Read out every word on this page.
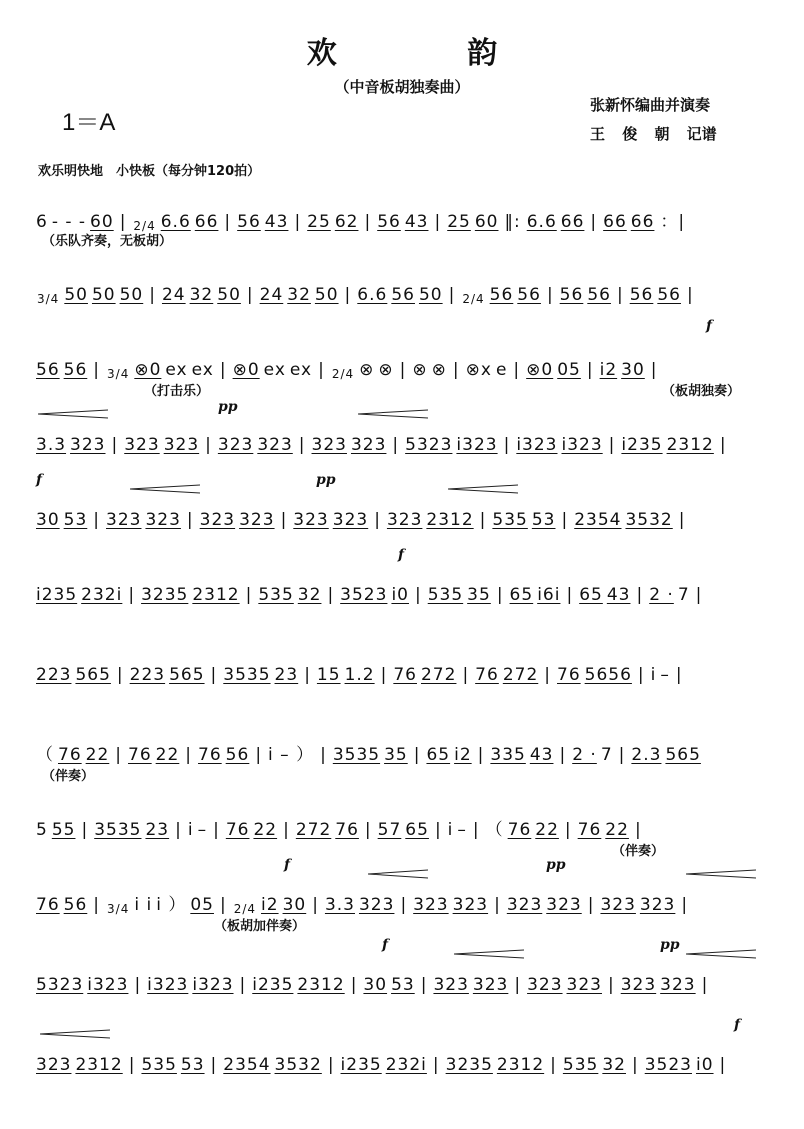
欢 韵
（中音板胡独奏曲）
1＝A
张新怀编曲并演奏
王 俊 朝 记谱
欢乐明快地　小快板（每分钟120拍）
6 - - - 60 | 2/4 6.6 66 | 56 43 | 25 62 | 56 43 | 25 60 ‖: 6.6 66 | 66 66 ：|
（乐队齐奏，无板胡）
3/4 50 50 50 | 24 32 50 | 24 32 50 | 6.6 56 50 | 2/4 56 56 | 56 56 | 56 56 |
56 56 | 3/4 ⊗0 ex ex | ⊗0 ex ex | 2/4 ⊗ ⊗ | ⊗ ⊗ | ⊗x e | ⊗0 05 | i2 30 |
（打击乐）	（板胡独奏）
f
3.3 323 | 323 323 | 323 323 | 323 323 | 5323 i323 | i323 i323 | i235 2312 |
pp
30 53 | 323 323 | 323 323 | 323 323 | 323 2312 | 535 53 | 2354 3532 |
f	pp
i235 232i | 3235 2312 | 535 32 | 3523 i0 | 535 35 | 65 i6i | 65 43 | 2 · 7 |
f
223 565 | 223 565 | 3535 23 | 15 1.2 | 76 272 | 76 272 | 76 5656 | i – |
（ 76 22 | 76 22 | 76 56 | i – ） | 3535 35 | 65 i2 | 335 43 | 2 · 7 | 2.3 565
（伴奏）
5 55 | 3535 23 | i – | 76 22 | 272 76 | 57 65 | i – | （ 76 22 | 76 22 |
（伴奏）
76 56 | 3/4 i i i ） 05 | 2/4 i2 30 | 3.3 323 | 323 323 | 323 323 | 323 323 |
（板胡加伴奏）
f	pp
5323 i323 | i323 i323 | i235 2312 | 30 53 | 323 323 | 323 323 | 323 323 |
f	pp
323 2312 | 535 53 | 2354 3532 | i235 232i | 3235 2312 | 535 32 | 3523 i0 |
f
